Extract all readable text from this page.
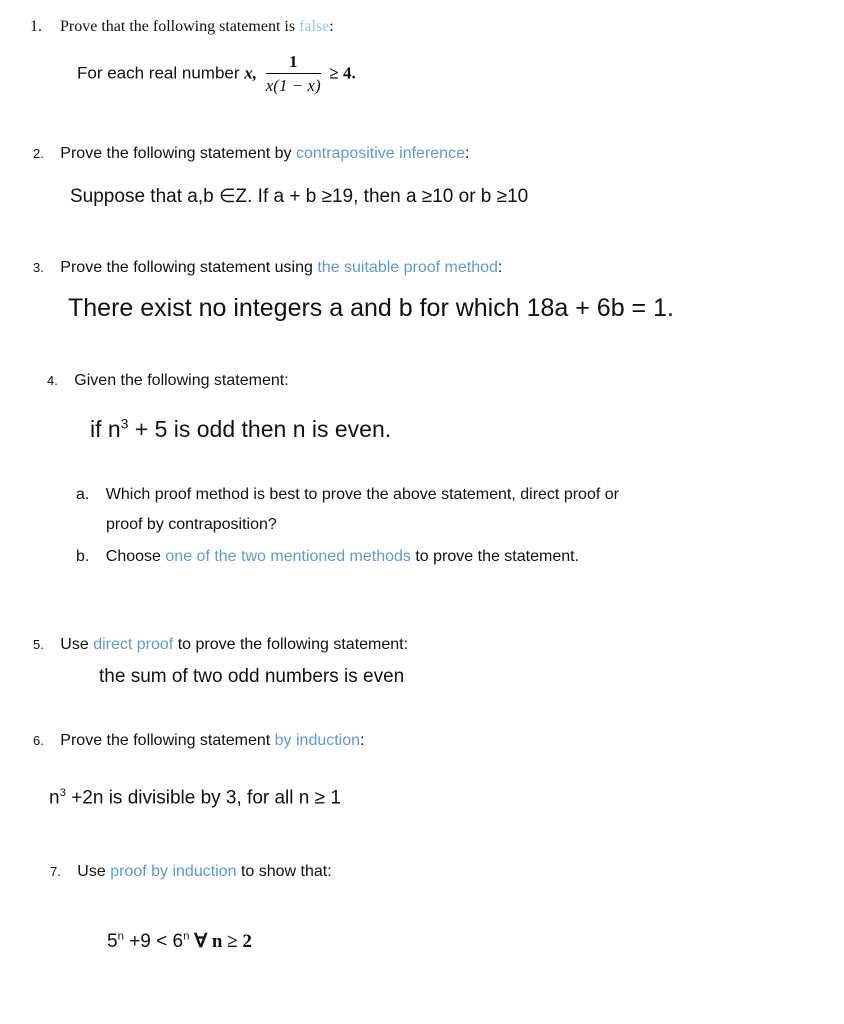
1. Prove that the following statement is false:
For each real number x, $\frac{1}{x(1 - x)} \ge 4$.
2. Prove the following statement by contrapositive inference:
Suppose that a,b ∈Z. If a + b ≥19, then a ≥10 or b ≥10
3. Prove the following statement using the suitable proof method:
There exist no integers a and b for which 18a + 6b = 1.
4. Given the following statement:
if $n^3 + 5$ is odd then n is even.
a. Which proof method is best to prove the above statement, direct proof or
proof by contraposition?
b. Choose one of the two mentioned methods to prove the statement.
5. Use direct proof to prove the following statement:
the sum of two odd numbers is even
6. Prove the following statement by induction:
$n^3 +2n$ is divisible by 3, for all n ≥ 1
7. Use proof by induction to show that:
$5^n +9 < 6^n$ ∀ n ≥ 2
